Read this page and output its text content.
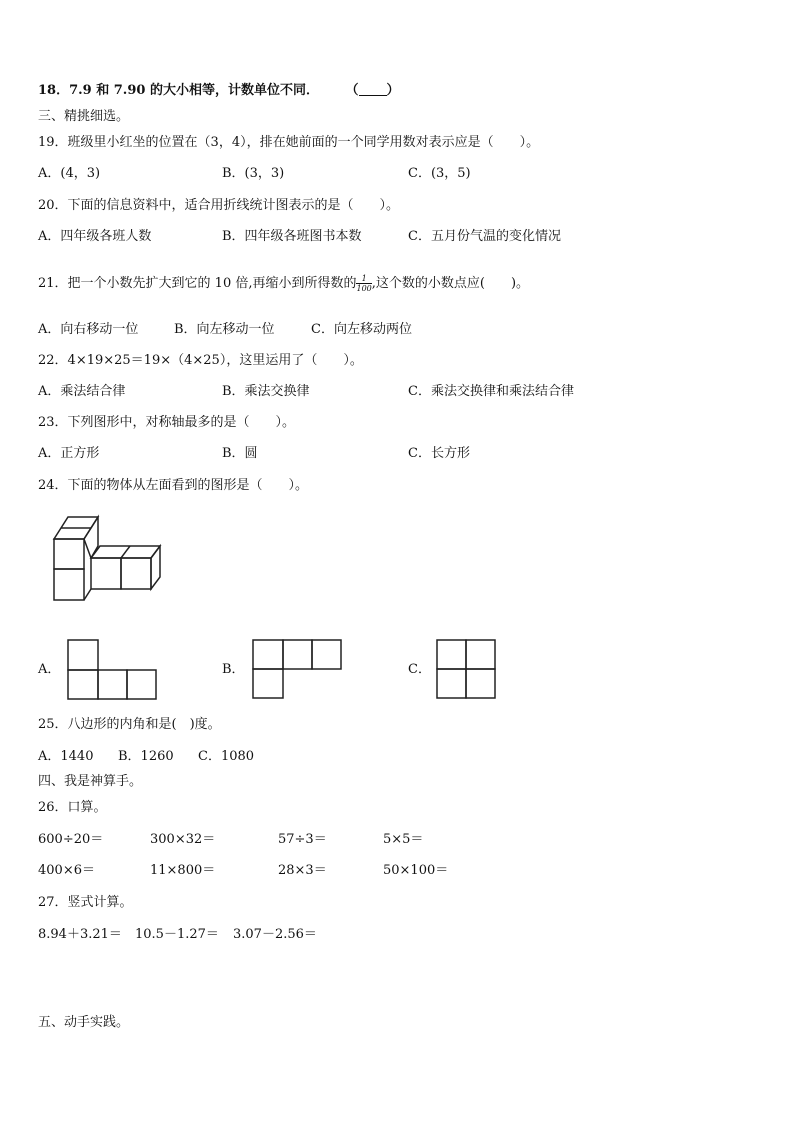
18．7.9 和 7.90 的大小相等，计数单位不同． （ ）
三、精挑细选。
19．班级里小红坐的位置在（3，4），排在她前面的一个同学用数对表示应是（　　）。
A．(4，3)	B．(3，3)	C．(3，5)
20．下面的信息资料中，适合用折线统计图表示的是（　　）。
A．四年级各班人数	B．四年级各班图书本数	C．五月份气温的变化情况
21．把一个小数先扩大到它的 10 倍,再缩小到所得数的 $\frac{1}{100}$ ,这个数的小数点应(　　)。
A．向右移动一位	B．向左移动一位	C．向左移动两位
22．4×19×25＝19×（4×25），这里运用了（　　）。
A．乘法结合律	B．乘法交换律	C．乘法交换律和乘法结合律
23．下列图形中，对称轴最多的是（　　）。
A．正方形	B．圆	C．长方形
24．下面的物体从左面看到的图形是（　　）。
A．	B．	C．
25．八边形的内角和是(　)度。
A．1440 B．1260 C．1080
四、我是神算手。
26．口算。
600÷20＝	300×32＝	57÷3＝	5×5＝
400×6＝	11×800＝	28×3＝	50×100＝
27．竖式计算。
8.94＋3.21＝ 10.5－1.27＝ 3.07－2.56＝
五、动手实践。
